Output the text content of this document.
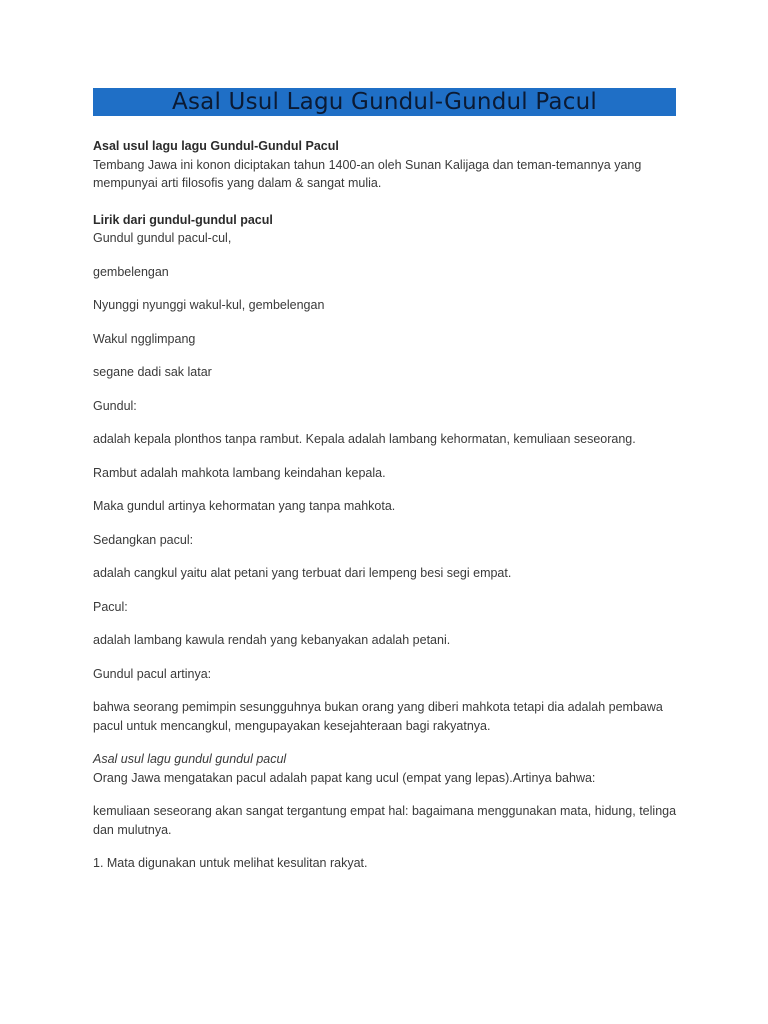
Asal Usul Lagu Gundul-Gundul Pacul

Asal usul lagu lagu Gundul-Gundul Pacul

Tembang Jawa ini konon diciptakan tahun 1400-an oleh Sunan Kalijaga dan teman-temannya yang mempunyai arti filosofis yang dalam & sangat mulia.

Lirik dari gundul-gundul pacul

Gundul gundul pacul-cul,

gembelengan

Nyunggi nyunggi wakul-kul, gembelengan

Wakul ngglimpang

segane dadi sak latar

Gundul:

adalah kepala plonthos tanpa rambut. Kepala adalah lambang kehormatan, kemuliaan seseorang.

Rambut adalah mahkota lambang keindahan kepala.

Maka gundul artinya kehormatan yang tanpa mahkota.

Sedangkan pacul:

adalah cangkul yaitu alat petani yang terbuat dari lempeng besi segi empat.

Pacul:

adalah lambang kawula rendah yang kebanyakan adalah petani.

Gundul pacul artinya:

bahwa seorang pemimpin sesungguhnya bukan orang yang diberi mahkota tetapi dia adalah pembawa pacul untuk mencangkul, mengupayakan kesejahteraan bagi rakyatnya.

Asal usul lagu gundul gundul pacul

Orang Jawa mengatakan pacul adalah papat kang ucul (empat yang lepas).Artinya bahwa:

kemuliaan seseorang akan sangat tergantung empat hal: bagaimana menggunakan mata, hidung, telinga dan mulutnya.

1. Mata digunakan untuk melihat kesulitan rakyat.
